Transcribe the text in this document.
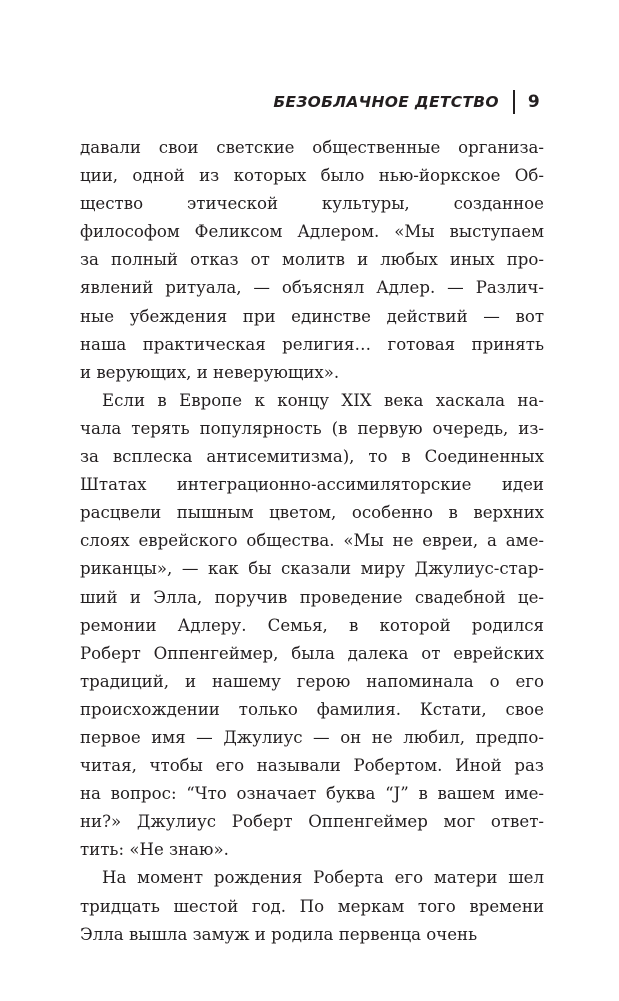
БЕЗОБЛАЧНОЕ ДЕТСТВО 9
давали свои светские общественные организа-
ции, одной из которых было нью-йоркское Об-
щество этической культуры, созданное
философом Феликсом Адлером. «Мы выступаем
за полный отказ от молитв и любых иных про-
явлений ритуала, — объяснял Адлер. — Различ-
ные убеждения при единстве действий — вот
наша практическая религия… готовая принять
и верующих, и неверующих».
Если в Европе к концу XIX века хаскала на-
чала терять популярность (в первую очередь, из-
за всплеска антисемитизма), то в Соединенных
Штатах интеграционно-ассимиляторские идеи
расцвели пышным цветом, особенно в верхних
слоях еврейского общества. «Мы не евреи, а аме-
риканцы», — как бы сказали миру Джулиус-стар-
ший и Элла, поручив проведение свадебной це-
ремонии Адлеру. Семья, в которой родился
Роберт Оппенгеймер, была далека от еврейских
традиций, и нашему герою напоминала о его
происхождении только фамилия. Кстати, свое
первое имя — Джулиус — он не любил, предпо-
читая, чтобы его называли Робертом. Иной раз
на вопрос: “Что означает буква “J” в вашем име-
ни?» Джулиус Роберт Оппенгеймер мог ответ-
тить: «Не знаю».
На момент рождения Роберта его матери шел
тридцать шестой год. По меркам того времени
Элла вышла замуж и родила первенца очень
